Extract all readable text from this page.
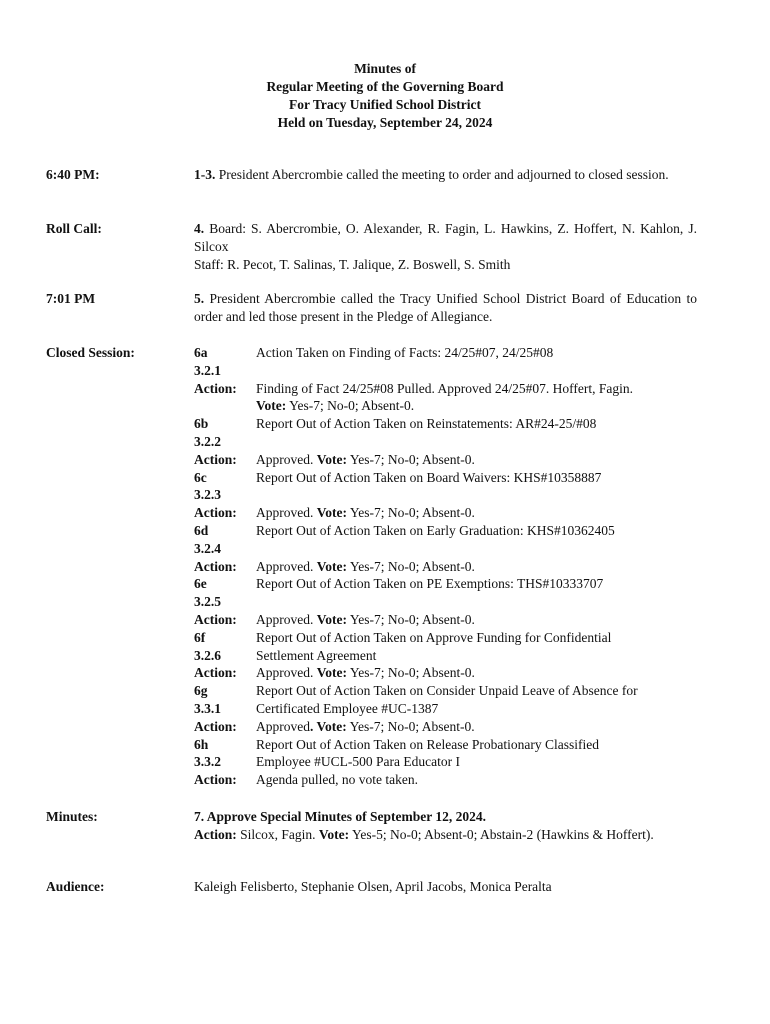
Minutes of
Regular Meeting of the Governing Board
For Tracy Unified School District
Held on Tuesday, September 24, 2024
6:40 PM:	1-3. President Abercrombie called the meeting to order and adjourned to closed session.
Roll Call:	4. Board: S. Abercrombie, O. Alexander, R. Fagin, L. Hawkins, Z. Hoffert, N. Kahlon, J. Silcox
Staff: R. Pecot, T. Salinas, T. Jalique, Z. Boswell, S. Smith
7:01 PM	5. President Abercrombie called the Tracy Unified School District Board of Education to order and led those present in the Pledge of Allegiance.
Closed Session:	6a	Action Taken on Finding of Facts: 24/25#07, 24/25#08
3.2.1
Action:	Finding of Fact 24/25#08 Pulled. Approved 24/25#07. Hoffert, Fagin.
Vote: Yes-7; No-0; Absent-0.
6b	Report Out of Action Taken on Reinstatements: AR#24-25/#08
3.2.2
Action:	Approved. Vote: Yes-7; No-0; Absent-0.
6c	Report Out of Action Taken on Board Waivers: KHS#10358887
3.2.3
Action:	Approved. Vote: Yes-7; No-0; Absent-0.
6d	Report Out of Action Taken on Early Graduation: KHS#10362405
3.2.4
Action:	Approved. Vote: Yes-7; No-0; Absent-0.
6e	Report Out of Action Taken on PE Exemptions: THS#10333707
3.2.5
Action:	Approved. Vote: Yes-7; No-0; Absent-0.
6f	Report Out of Action Taken on Approve Funding for Confidential
3.2.6	Settlement Agreement
Action:	Approved. Vote: Yes-7; No-0; Absent-0.
6g	Report Out of Action Taken on Consider Unpaid Leave of Absence for
3.3.1	Certificated Employee #UC-1387
Action:	Approved. Vote: Yes-7; No-0; Absent-0.
6h	Report Out of Action Taken on Release Probationary Classified
3.3.2	Employee #UCL-500 Para Educator I
Action:	Agenda pulled, no vote taken.
Minutes:	7. Approve Special Minutes of September 12, 2024.
Action: Silcox, Fagin. Vote: Yes-5; No-0; Absent-0; Abstain-2 (Hawkins & Hoffert).
Audience:	Kaleigh Felisberto, Stephanie Olsen, April Jacobs, Monica Peralta
